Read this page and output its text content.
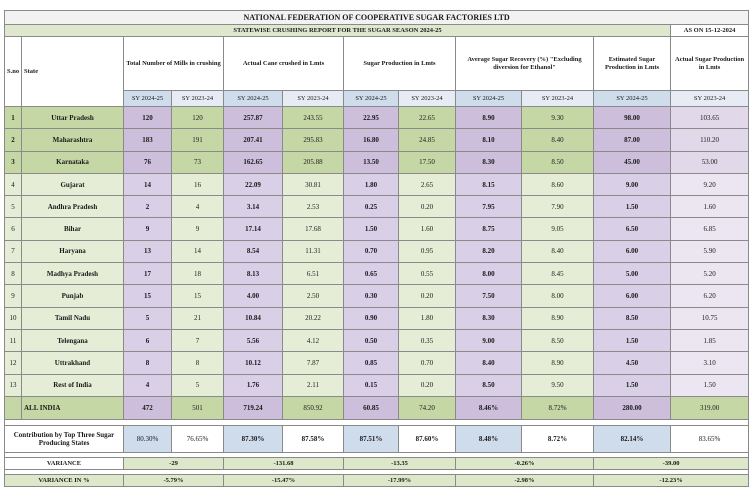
NATIONAL FEDERATION OF COOPERATIVE SUGAR FACTORIES LTD											
STATEWISE CRUSHING REPORT FOR THE SUGAR SEASON 2024-25											AS ON 15-12-2024
S.no	State	Total Number of Mills in crushing		Actual Cane crushed in Lmts		Sugar Production in Lmts		Average Sugar Recovery (%) "Excluding diversion for Ethanol"		Estimated Sugar Production in Lmts	Actual Sugar Production in Lmts
		SY 2024-25	SY 2023-24	SY 2024-25	SY 2023-24	SY 2024-25	SY 2023-24	SY 2024-25	SY 2023-24	SY 2024-25	SY 2023-24
1	Uttar Pradesh	120	120	257.87	243.55	22.95	22.65	8.90	9.30	98.00	103.65
2	Maharashtra	183	191	207.41	295.83	16.80	24.85	8.10	8.40	87.00	110.20
3	Karnataka	76	73	162.65	205.88	13.50	17.50	8.30	8.50	45.00	53.00
4	Gujarat	14	16	22.09	30.81	1.80	2.65	8.15	8.60	9.00	9.20
5	Andhra Pradesh	2	4	3.14	2.53	0.25	0.20	7.95	7.90	1.50	1.60
6	Bihar	9	9	17.14	17.68	1.50	1.60	8.75	9.05	6.50	6.85
7	Haryana	13	14	8.54	11.31	0.70	0.95	8.20	8.40	6.00	5.90
8	Madhya Pradesh	17	18	8.13	6.51	0.65	0.55	8.00	8.45	5.00	5.20
9	Punjab	15	15	4.00	2.50	0.30	0.20	7.50	8.00	6.00	6.20
10	Tamil Nadu	5	21	10.84	20.22	0.90	1.80	8.30	8.90	8.50	10.75
11	Telengana	6	7	5.56	4.12	0.50	0.35	9.00	8.50	1.50	1.85
12	Uttrakhand	8	8	10.12	7.87	0.85	0.70	8.40	8.90	4.50	3.10
13	Rest of India	4	5	1.76	2.11	0.15	0.20	8.50	9.50	1.50	1.50
	ALL INDIA	472	501	719.24	850.92	60.85	74.20	8.46%	8.72%	280.00	319.00

Contribution by Top Three Sugar Producing States		80.30%	76.65%	87.30%	87.58%	87.51%	87.60%	8.48%	8.72%	82.14%	83.65%

VARIANCE		-29		-131.68		-13.35		-0.26%		-39.00	

VARIANCE IN %		-5.79%		-15.47%		-17.99%		-2.98%		-12.23%	
